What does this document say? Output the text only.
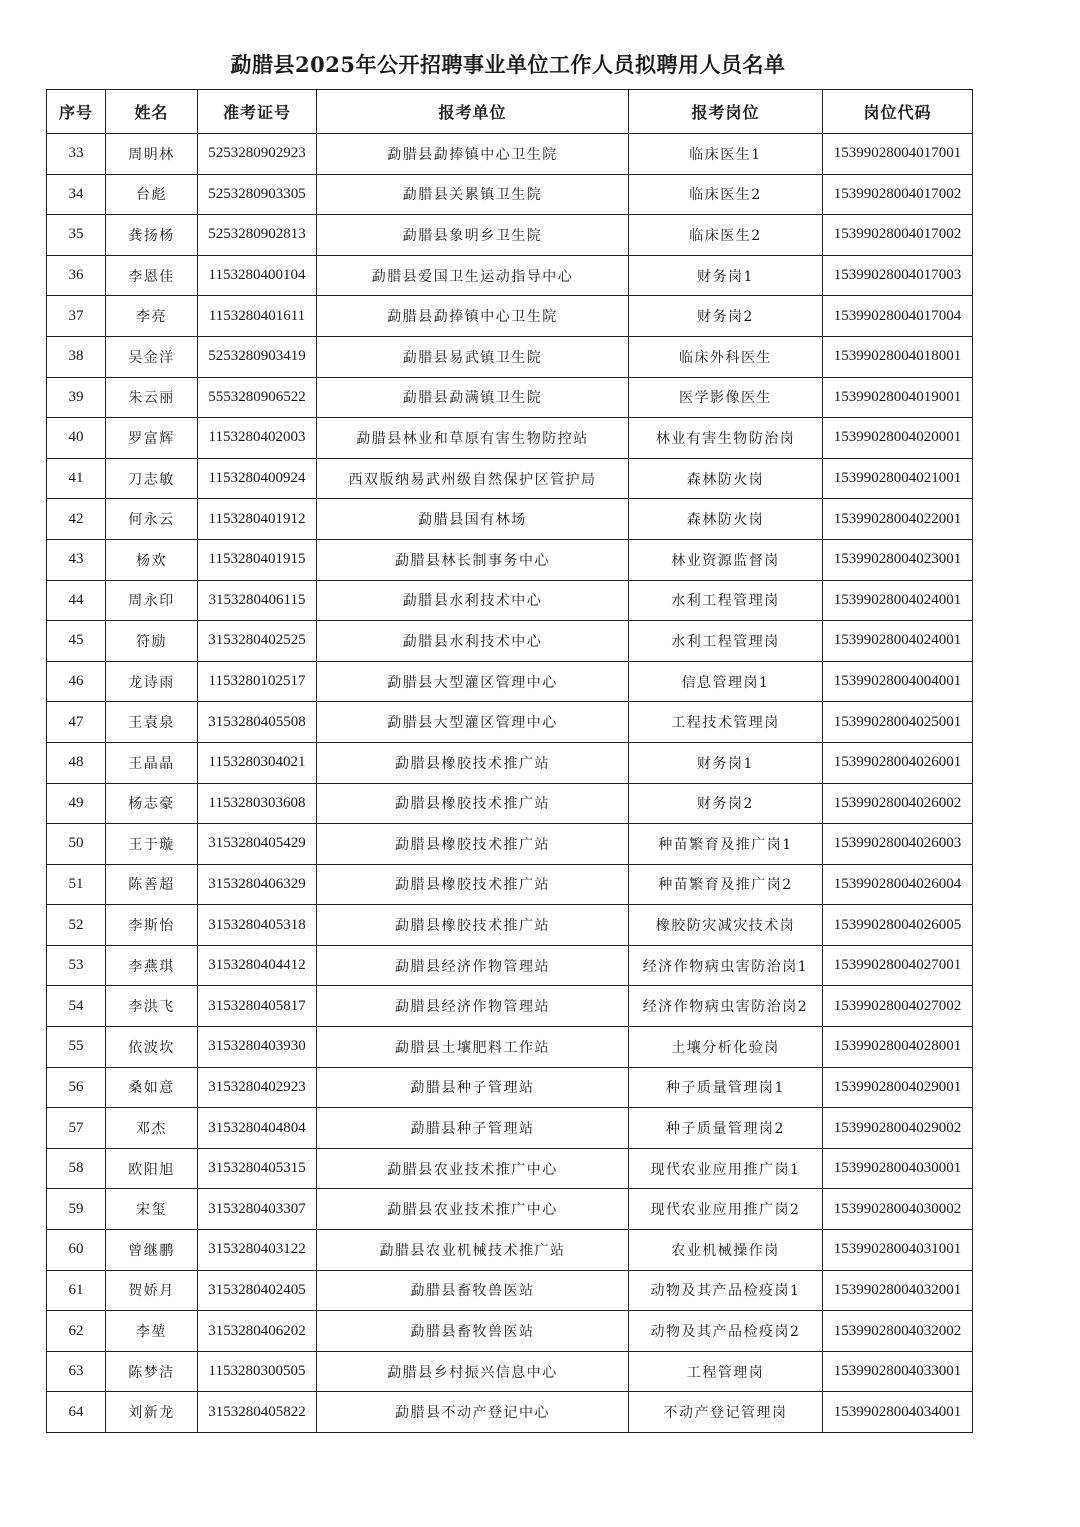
勐腊县2025年公开招聘事业单位工作人员拟聘用人员名单
序号	姓名	准考证号	报考单位	报考岗位	岗位代码
33	周明林	5253280902923	勐腊县勐捧镇中心卫生院	临床医生1	15399028004017001
34	台彪	5253280903305	勐腊县关累镇卫生院	临床医生2	15399028004017002
35	龚扬杨	5253280902813	勐腊县象明乡卫生院	临床医生2	15399028004017002
36	李恩佳	1153280400104	勐腊县爱国卫生运动指导中心	财务岗1	15399028004017003
37	李亮	1153280401611	勐腊县勐捧镇中心卫生院	财务岗2	15399028004017004
38	吴金洋	5253280903419	勐腊县易武镇卫生院	临床外科医生	15399028004018001
39	朱云丽	5553280906522	勐腊县勐满镇卫生院	医学影像医生	15399028004019001
40	罗富辉	1153280402003	勐腊县林业和草原有害生物防控站	林业有害生物防治岗	15399028004020001
41	刀志敏	1153280400924	西双版纳易武州级自然保护区管护局	森林防火岗	15399028004021001
42	何永云	1153280401912	勐腊县国有林场	森林防火岗	15399028004022001
43	杨欢	1153280401915	勐腊县林长制事务中心	林业资源监督岗	15399028004023001
44	周永印	3153280406115	勐腊县水利技术中心	水利工程管理岗	15399028004024001
45	符励	3153280402525	勐腊县水利技术中心	水利工程管理岗	15399028004024001
46	龙诗雨	1153280102517	勐腊县大型灌区管理中心	信息管理岗1	15399028004004001
47	王袁泉	3153280405508	勐腊县大型灌区管理中心	工程技术管理岗	15399028004025001
48	王晶晶	1153280304021	勐腊县橡胶技术推广站	财务岗1	15399028004026001
49	杨志豪	1153280303608	勐腊县橡胶技术推广站	财务岗2	15399028004026002
50	王于璇	3153280405429	勐腊县橡胶技术推广站	种苗繁育及推广岗1	15399028004026003
51	陈善超	3153280406329	勐腊县橡胶技术推广站	种苗繁育及推广岗2	15399028004026004
52	李斯怡	3153280405318	勐腊县橡胶技术推广站	橡胶防灾减灾技术岗	15399028004026005
53	李燕琪	3153280404412	勐腊县经济作物管理站	经济作物病虫害防治岗1	15399028004027001
54	李洪飞	3153280405817	勐腊县经济作物管理站	经济作物病虫害防治岗2	15399028004027002
55	依波坎	3153280403930	勐腊县土壤肥料工作站	土壤分析化验岗	15399028004028001
56	桑如意	3153280402923	勐腊县种子管理站	种子质量管理岗1	15399028004029001
57	邓杰	3153280404804	勐腊县种子管理站	种子质量管理岗2	15399028004029002
58	欧阳旭	3153280405315	勐腊县农业技术推广中心	现代农业应用推广岗1	15399028004030001
59	宋玺	3153280403307	勐腊县农业技术推广中心	现代农业应用推广岗2	15399028004030002
60	曾继鹏	3153280403122	勐腊县农业机械技术推广站	农业机械操作岗	15399028004031001
61	贺娇月	3153280402405	勐腊县畜牧兽医站	动物及其产品检疫岗1	15399028004032001
62	李堃	3153280406202	勐腊县畜牧兽医站	动物及其产品检疫岗2	15399028004032002
63	陈梦洁	1153280300505	勐腊县乡村振兴信息中心	工程管理岗	15399028004033001
64	刘新龙	3153280405822	勐腊县不动产登记中心	不动产登记管理岗	15399028004034001
